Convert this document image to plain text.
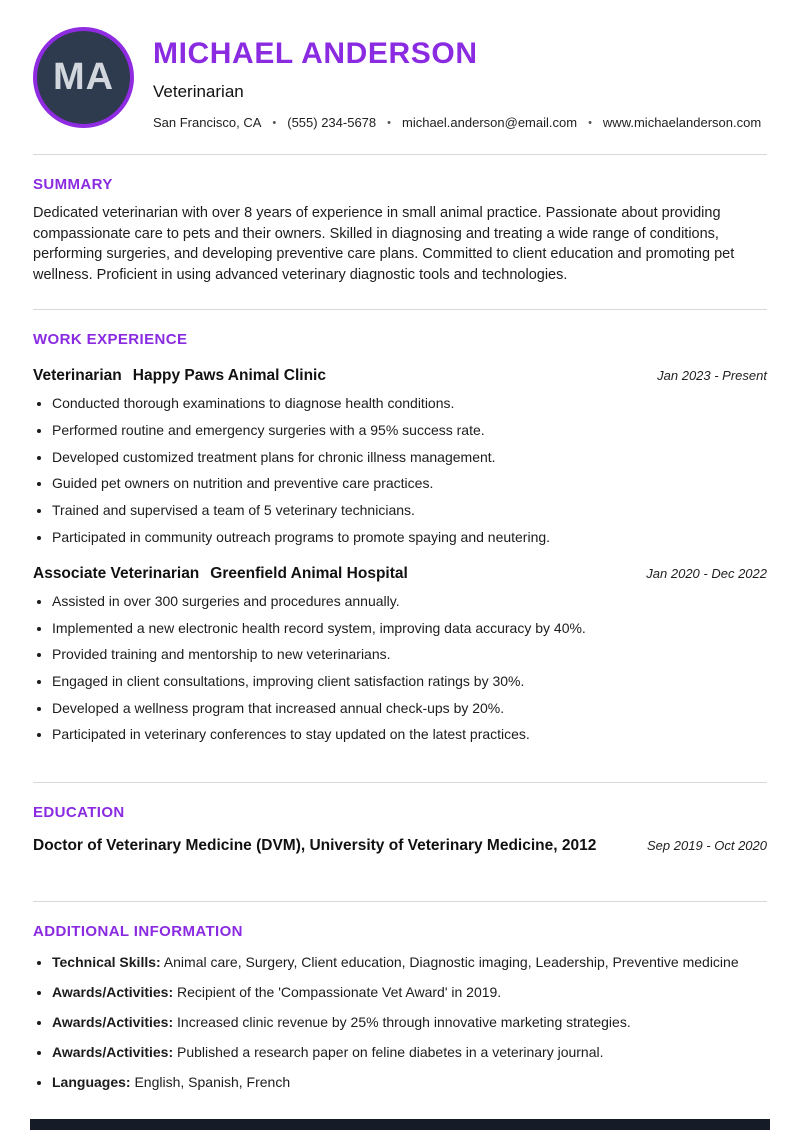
MA
MICHAEL ANDERSON
Veterinarian
San Francisco, CA • (555) 234-5678 • michael.anderson@email.com • www.michaelanderson.com
SUMMARY

Dedicated veterinarian with over 8 years of experience in small animal practice. Passionate about providing compassionate care to pets and their owners. Skilled in diagnosing and treating a wide range of conditions, performing surgeries, and developing preventive care plans. Committed to client education and promoting pet wellness. Proficient in using advanced veterinary diagnostic tools and technologies.

WORK EXPERIENCE
Veterinarian Happy Paws Animal Clinic	Jan 2023 - Present
• Conducted thorough examinations to diagnose health conditions.
• Performed routine and emergency surgeries with a 95% success rate.
• Developed customized treatment plans for chronic illness management.
• Guided pet owners on nutrition and preventive care practices.
• Trained and supervised a team of 5 veterinary technicians.
• Participated in community outreach programs to promote spaying and neutering.
Associate Veterinarian Greenfield Animal Hospital	Jan 2020 - Dec 2022
• Assisted in over 300 surgeries and procedures annually.
• Implemented a new electronic health record system, improving data accuracy by 40%.
• Provided training and mentorship to new veterinarians.
• Engaged in client consultations, improving client satisfaction ratings by 30%.
• Developed a wellness program that increased annual check-ups by 20%.
• Participated in veterinary conferences to stay updated on the latest practices.
EDUCATION
Doctor of Veterinary Medicine (DVM), University of Veterinary Medicine, 2012	Sep 2019 - Oct 2020
ADDITIONAL INFORMATION
• Technical Skills: Animal care, Surgery, Client education, Diagnostic imaging, Leadership, Preventive medicine
• Awards/Activities: Recipient of the 'Compassionate Vet Award' in 2019.
• Awards/Activities: Increased clinic revenue by 25% through innovative marketing strategies.
• Awards/Activities: Published a research paper on feline diabetes in a veterinary journal.
• Languages: English, Spanish, French
